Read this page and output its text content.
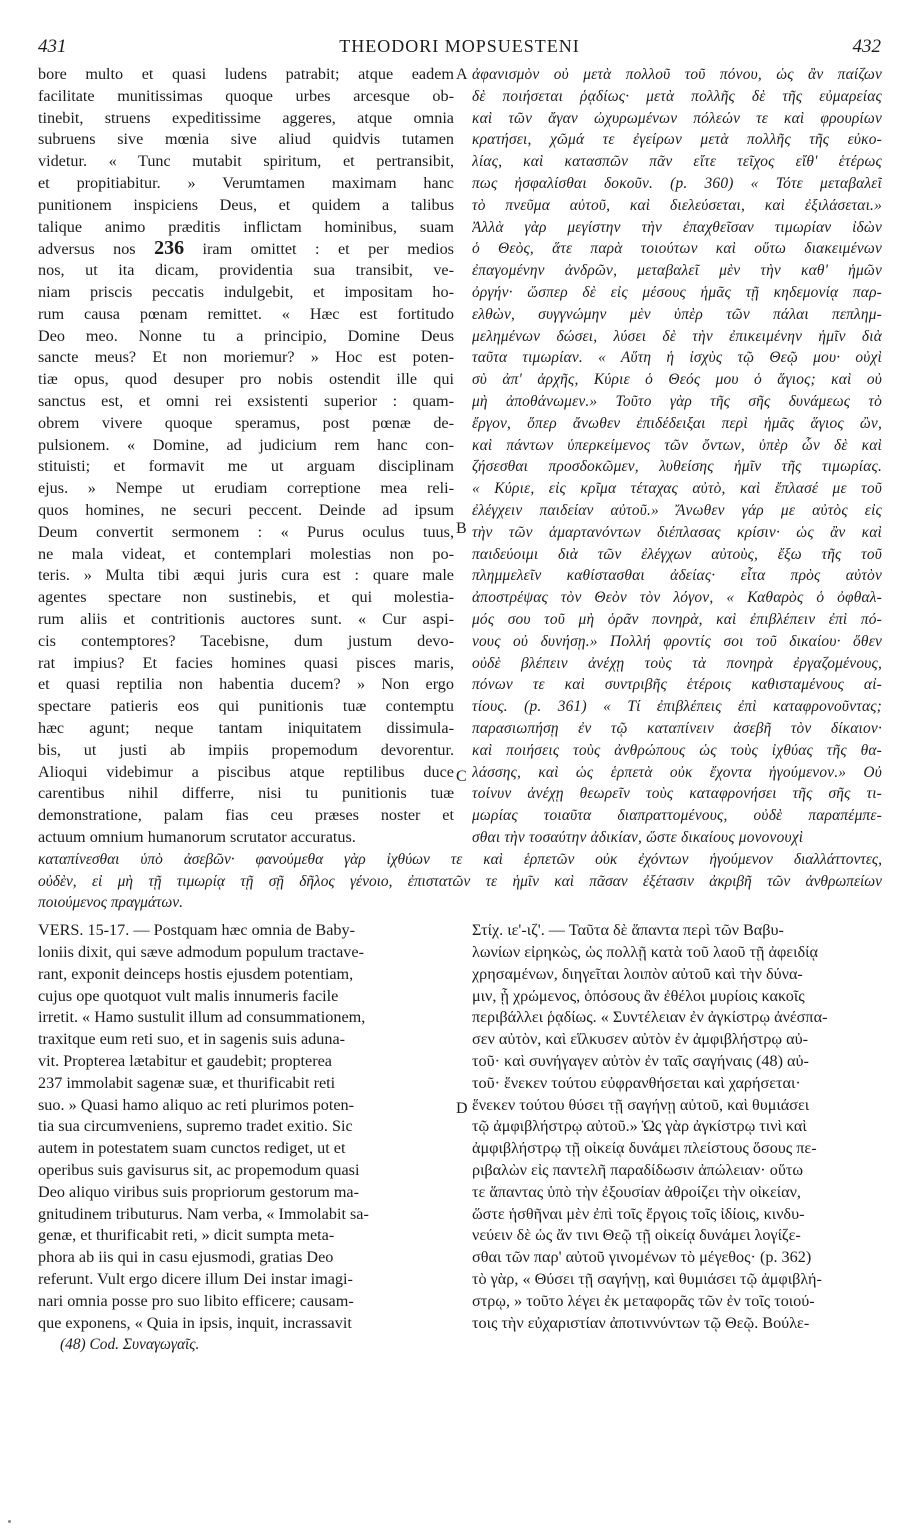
431	THEODORI MOPSUESTENI	432
bore multo et quasi ludens patrabit; atque eadem
facilitate munitissimas quoque urbes arcesque ob-
tinebit, struens expeditissime aggeres, atque omnia
subruens sive mœnia sive aliud quidvis tutamen
videtur. « Tunc mutabit spiritum, et pertransibit,
et propitiabitur. » Verumtamen maximam hanc
punitionem inspiciens Deus, et quidem a talibus
talique animo præditis inflictam hominibus, suam
adversus nos 236 iram omittet : et per medios
nos, ut ita dicam, providentia sua transibit, ve-
niam priscis peccatis indulgebit, et impositam ho-
rum causa pœnam remittet. « Hæc est fortitudo
Deo meo. Nonne tu a principio, Domine Deus
sancte meus? Et non moriemur? » Hoc est poten-
tiæ opus, quod desuper pro nobis ostendit ille qui
sanctus est, et omni rei exsistenti superior : quam-
obrem vivere quoque speramus, post pœnæ de-
pulsionem. « Domine, ad judicium rem hanc con-
stituisti; et formavit me ut arguam disciplinam
ejus. » Nempe ut erudiam correptione mea reli-
quos homines, ne securi peccent. Deinde ad ipsum
Deum convertit sermonem : « Purus oculus tuus,
ne mala videat, et contemplari molestias non po-
teris. » Multa tibi æqui juris cura est : quare male
agentes spectare non sustinebis, et qui molestia-
rum aliis et contritionis auctores sunt. « Cur aspi-
cis contemptores? Tacebisne, dum justum devo-
rat impius? Et facies homines quasi pisces maris,
et quasi reptilia non habentia ducem? » Non ergo
spectare patieris eos qui punitionis tuæ contemptu
hæc agunt; neque tantam iniquitatem dissimula-
bis, ut justi ab impiis propemodum devorentur.
Alioqui videbimur a piscibus atque reptilibus duce
carentibus nihil differre, nisi tu punitionis tuæ
demonstratione, palam fias ceu præses noster et
actuum omnium humanorum scrutator accuratus.
ἀφανισμὸν οὐ μετὰ πολλοῦ τοῦ πόνου, ὡς ἂν παίζων
δὲ ποιήσεται ῥᾳδίως· μετὰ πολλῆς δὲ τῆς εὐμαρείας
καὶ τῶν ἄγαν ὠχυρωμένων πόλεών τε καὶ φρουρίων
κρατήσει, χῶμά τε ἐγείρων μετὰ πολλῆς τῆς εὐκο-
λίας, καὶ κατασπῶν πᾶν εἴτε τεῖχος εἴθ' ἑτέρως
πως ἠσφαλίσθαι δοκοῦν. (p. 360) « Τότε μεταβαλεῖ
τὸ πνεῦμα αὐτοῦ, καὶ διελεύσεται, καὶ ἐξιλάσεται.»
Ἀλλὰ γὰρ μεγίστην τὴν ἐπαχθεῖσαν τιμωρίαν ἰδὼν
ὁ Θεὸς, ἅτε παρὰ τοιούτων καὶ οὕτω διακειμένων
ἐπαγομένην ἀνδρῶν, μεταβαλεῖ μὲν τὴν καθ' ἡμῶν
ὀργήν· ὥσπερ δὲ εἰς μέσους ἡμᾶς τῇ κηδεμονίᾳ παρ-
ελθὼν, συγγνώμην μὲν ὑπὲρ τῶν πάλαι πεπλημ-
μελημένων δώσει, λύσει δὲ τὴν ἐπικειμένην ἡμῖν διὰ
ταῦτα τιμωρίαν. « Αὕτη ἡ ἰσχὺς τῷ Θεῷ μου· οὐχὶ
σὺ ἀπ' ἀρχῆς, Κύριε ὁ Θεός μου ὁ ἅγιος; καὶ οὐ
μὴ ἀποθάνωμεν.» Τοῦτο γὰρ τῆς σῆς δυνάμεως τὸ
ἔργον, ὅπερ ἄνωθεν ἐπιδέδειξαι περὶ ἡμᾶς ἅγιος ὢν,
καὶ πάντων ὑπερκείμενος τῶν ὄντων, ὑπὲρ ὧν δὲ καὶ
ζήσεσθαι προσδοκῶμεν, λυθείσης ἡμῖν τῆς τιμωρίας.
« Κύριε, εἰς κρῖμα τέταχας αὐτὸ, καὶ ἔπλασέ με τοῦ
ἐλέγχειν παιδείαν αὐτοῦ.» Ἄνωθεν γάρ με αὐτὸς εἰς
τὴν τῶν ἁμαρτανόντων διέπλασας κρίσιν· ὡς ἂν καὶ
παιδεύοιμι διὰ τῶν ἐλέγχων αὐτοὺς, ἔξω τῆς τοῦ
πλημμελεῖν καθίστασθαι ἀδείας· εἶτα πρὸς αὐτὸν
ἀποστρέψας τὸν Θεὸν τὸν λόγον, « Καθαρὸς ὁ ὀφθαλ-
μός σου τοῦ μὴ ὁρᾶν πονηρὰ, καὶ ἐπιβλέπειν ἐπὶ πό-
νους οὐ δυνήσῃ.» Πολλή φροντίς σοι τοῦ δικαίου· ὅθεν
οὐδὲ βλέπειν ἀνέχῃ τοὺς τὰ πονηρὰ ἐργαζομένους,
πόνων τε καὶ συντριβῆς ἑτέροις καθισταμένους αἰ-
τίους. (p. 361) « Τί ἐπιβλέπεις ἐπὶ καταφρονοῦντας;
παρασιωπήσῃ ἐν τῷ καταπίνειν ἀσεβῆ τὸν δίκαιον·
καὶ ποιήσεις τοὺς ἀνθρώπους ὡς τοὺς ἰχθύας τῆς θα-
λάσσης, καὶ ὡς ἑρπετὰ οὐκ ἔχοντα ἡγούμενον.» Οὐ
τοίνυν ἀνέχῃ θεωρεῖν τοὺς καταφρονήσει τῆς σῆς τι-
μωρίας τοιαῦτα διαπραττομένους, οὐδὲ παραπέμπε-
σθαι τὴν τοσαύτην ἀδικίαν, ὥστε δικαίους μονονουχὶ
A
B
C
D
καταπίνεσθαι ὑπὸ ἀσεβῶν· φανούμεθα γὰρ ἰχθύων τε καὶ ἑρπετῶν οὐκ ἐχόντων ἡγούμενον διαλλάττοντες,
οὐδὲν, εἰ μὴ τῇ τιμωρίᾳ τῇ σῇ δῆλος γένοιο, ἐπιστατῶν τε ἡμῖν καὶ πᾶσαν ἐξέτασιν ἀκριβῆ τῶν ἀνθρωπείων
ποιούμενος πραγμάτων.
VERS. 15-17. — Postquam hæc omnia de Baby-
loniis dixit, qui sæve admodum populum tractave-
rant, exponit deinceps hostis ejusdem potentiam,
cujus ope quotquot vult malis innumeris facile
irretit. « Hamo sustulit illum ad consummationem,
traxitque eum reti suo, et in sagenis suis aduna-
vit. Propterea lætabitur et gaudebit; propterea
237 immolabit sagenæ suæ, et thurificabit reti
suo. » Quasi hamo aliquo ac reti plurimos poten-
tia sua circumveniens, supremo tradet exitio. Sic
autem in potestatem suam cunctos rediget, ut et
operibus suis gavisurus sit, ac propemodum quasi
Deo aliquo viribus suis propriorum gestorum ma-
gnitudinem tributurus. Nam verba, « Immolabit sa-
genæ, et thurificabit reti, » dicit sumpta meta-
phora ab iis qui in casu ejusmodi, gratias Deo
referunt. Vult ergo dicere illum Dei instar imagi-
nari omnia posse pro suo libito efficere; causam-
que exponens, « Quia in ipsis, inquit, incrassavit
Στίχ. ιε'-ιζ'. — Ταῦτα δὲ ἅπαντα περὶ τῶν Βαβυ-
λωνίων εἰρηκὼς, ὡς πολλῇ κατὰ τοῦ λαοῦ τῇ ἀφειδίᾳ
χρησαμένων, διηγεῖται λοιπὸν αὐτοῦ καὶ τὴν δύνα-
μιν, ᾗ χρώμενος, ὁπόσους ἂν ἐθέλοι μυρίοις κακοῖς
περιβάλλει ῥᾳδίως. « Συντέλειαν ἐν ἀγκίστρῳ ἀνέσπα-
σεν αὐτὸν, καὶ εἵλκυσεν αὐτὸν ἐν ἀμφιβλήστρῳ αὐ-
τοῦ· καὶ συνήγαγεν αὐτὸν ἐν ταῖς σαγήναις (48) αὐ-
τοῦ· ἕνεκεν τούτου εὐφρανθήσεται καὶ χαρήσεται·
ἕνεκεν τούτου θύσει τῇ σαγήνῃ αὐτοῦ, καὶ θυμιάσει
τῷ ἀμφιβλήστρῳ αὐτοῦ.» Ὡς γὰρ ἀγκίστρῳ τινὶ καὶ
ἀμφιβλήστρῳ τῇ οἰκείᾳ δυνάμει πλείστους ὅσους πε-
ριβαλὼν εἰς παντελῆ παραδίδωσιν ἀπώλειαν· οὕτω
τε ἅπαντας ὑπὸ τὴν ἐξουσίαν ἀθροίζει τὴν οἰκείαν,
ὥστε ἡσθῆναι μὲν ἐπὶ τοῖς ἔργοις τοῖς ἰδίοις, κινδυ-
νεύειν δὲ ὡς ἄν τινι Θεῷ τῇ οἰκείᾳ δυνάμει λογίζε-
σθαι τῶν παρ' αὐτοῦ γινομένων τὸ μέγεθος· (p. 362)
τὸ γὰρ, « Θύσει τῇ σαγήνῃ, καὶ θυμιάσει τῷ ἀμφιβλή-
στρῳ, » τοῦτο λέγει ἐκ μεταφορᾶς τῶν ἐν τοῖς τοιού-
τοις τὴν εὐχαριστίαν ἀποτιννύντων τῷ Θεῷ. Βούλε-
(48) Cod. Συναγωγαῖς.
